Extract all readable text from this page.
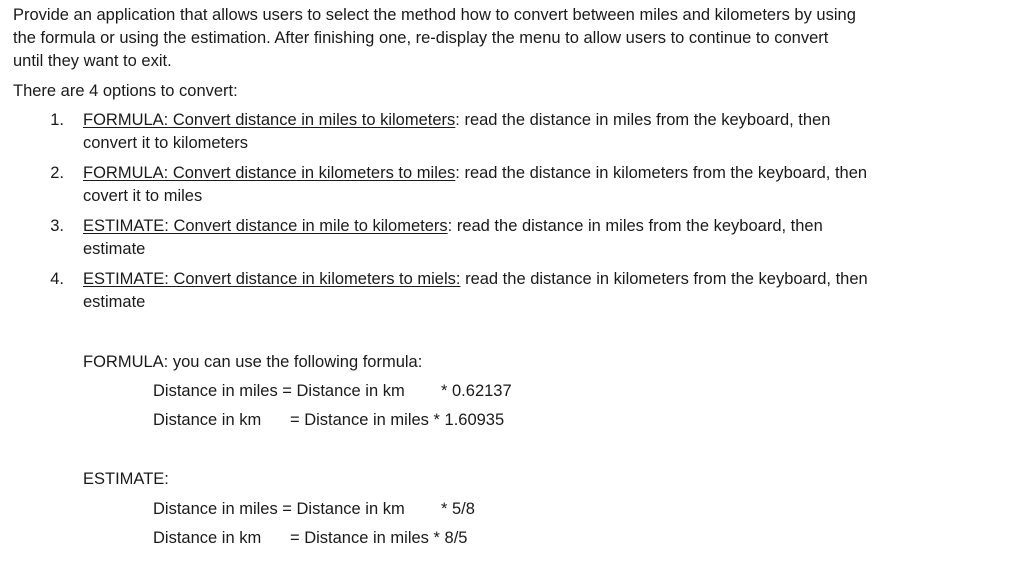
Provide an application that allows users to select the method how to convert between miles and kilometers by using
the formula or using the estimation. After finishing one, re-display the menu to allow users to continue to convert
until they want to exit.
There are 4 options to convert:
1. FORMULA: Convert distance in miles to kilometers: read the distance in miles from the keyboard, then
convert it to kilometers
2. FORMULA: Convert distance in kilometers to miles: read the distance in kilometers from the keyboard, then
covert it to miles
3. ESTIMATE: Convert distance in mile to kilometers: read the distance in miles from the keyboard, then
estimate
4. ESTIMATE: Convert distance in kilometers to miels: read the distance in kilometers from the keyboard, then
estimate
FORMULA: you can use the following formula:
Distance in miles = Distance in km * 0.62137
Distance in km = Distance in miles * 1.60935
ESTIMATE:
Distance in miles = Distance in km * 5/8
Distance in km = Distance in miles * 8/5
